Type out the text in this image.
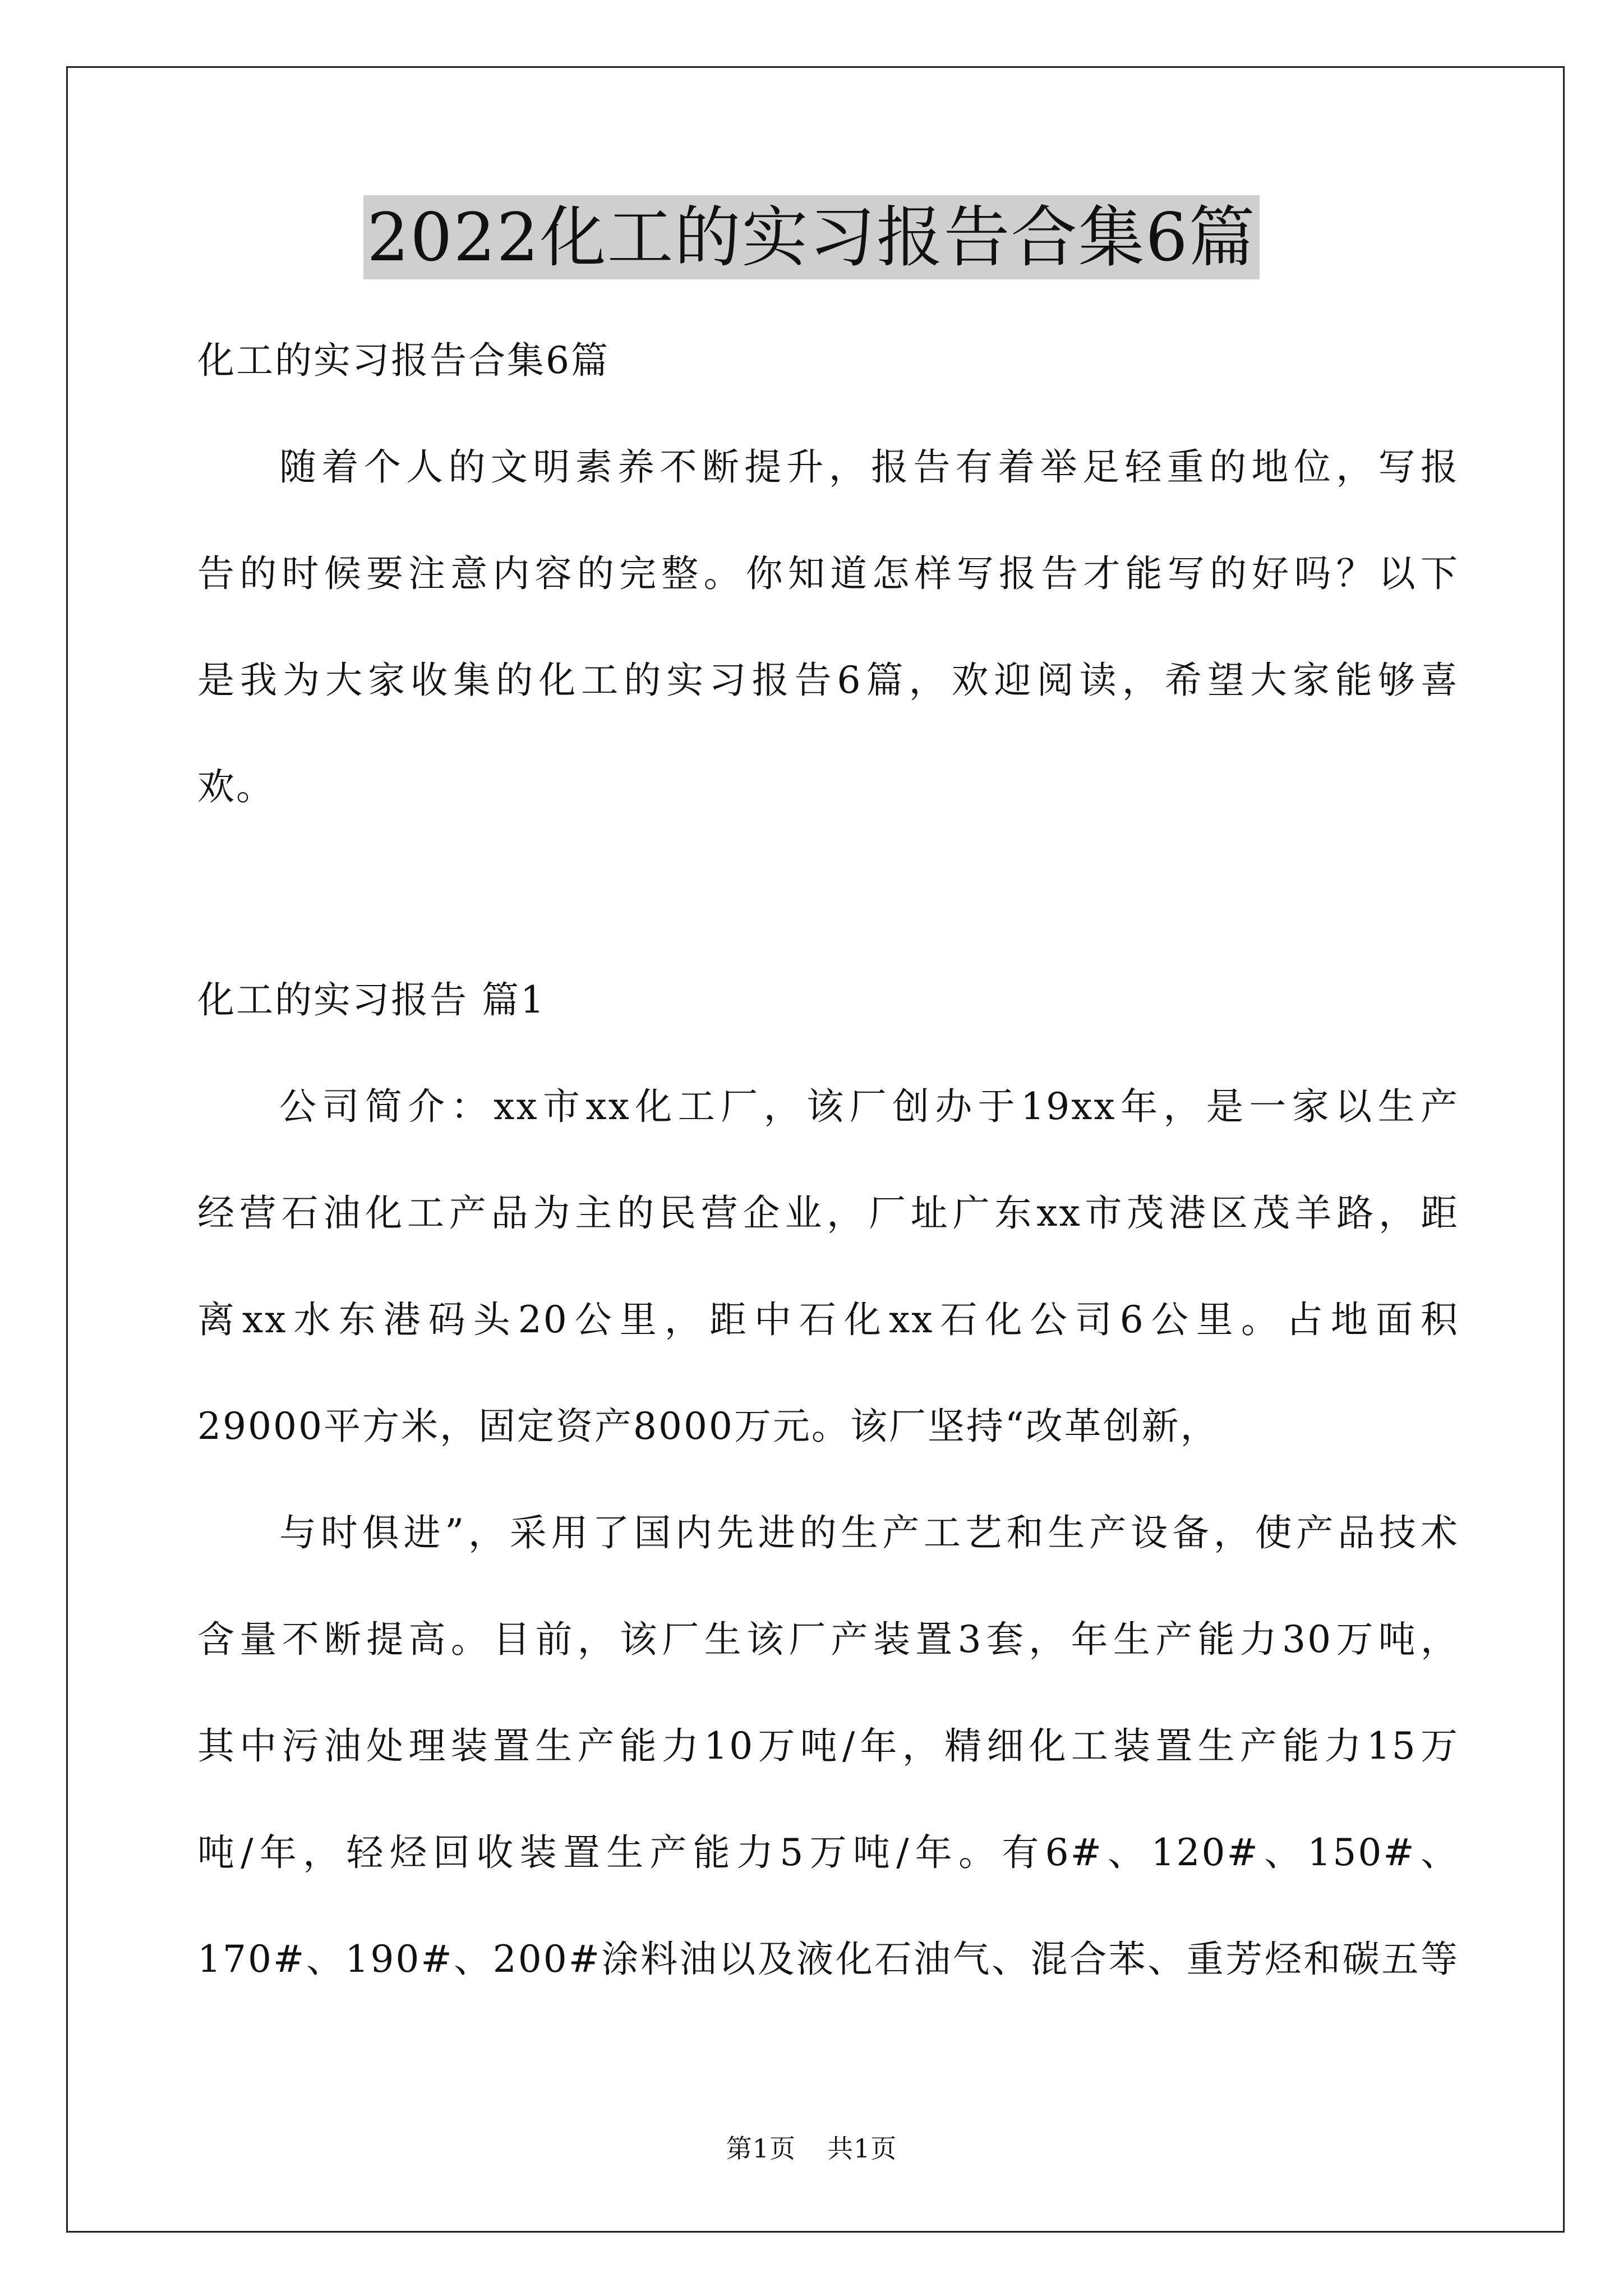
2022化工的实习报告合集6篇
化工的实习报告合集6篇
随着个人的文明素养不断提升，报告有着举足轻重的地位，写报
告的时候要注意内容的完整。你知道怎样写报告才能写的好吗？以下
是我为大家收集的化工的实习报告6篇，欢迎阅读，希望大家能够喜
欢。
化工的实习报告 篇1
公司简介：xx市xx化工厂，该厂创办于19xx年，是一家以生产
经营石油化工产品为主的民营企业，厂址广东xx市茂港区茂羊路，距
离xx水东港码头20公里，距中石化xx石化公司6公里。占地面积
29000平方米，固定资产8000万元。该厂坚持“改革创新，
与时俱进”，采用了国内先进的生产工艺和生产设备，使产品技术
含量不断提高。目前，该厂生该厂产装置3套，年生产能力30万吨，
其中污油处理装置生产能力10万吨/年，精细化工装置生产能力15万
吨/年，轻烃回收装置生产能力5万吨/年。有6#、120#、150#、
170#、190#、200#涂料油以及液化石油气、混合苯、重芳烃和碳五等
第1页 共1页
